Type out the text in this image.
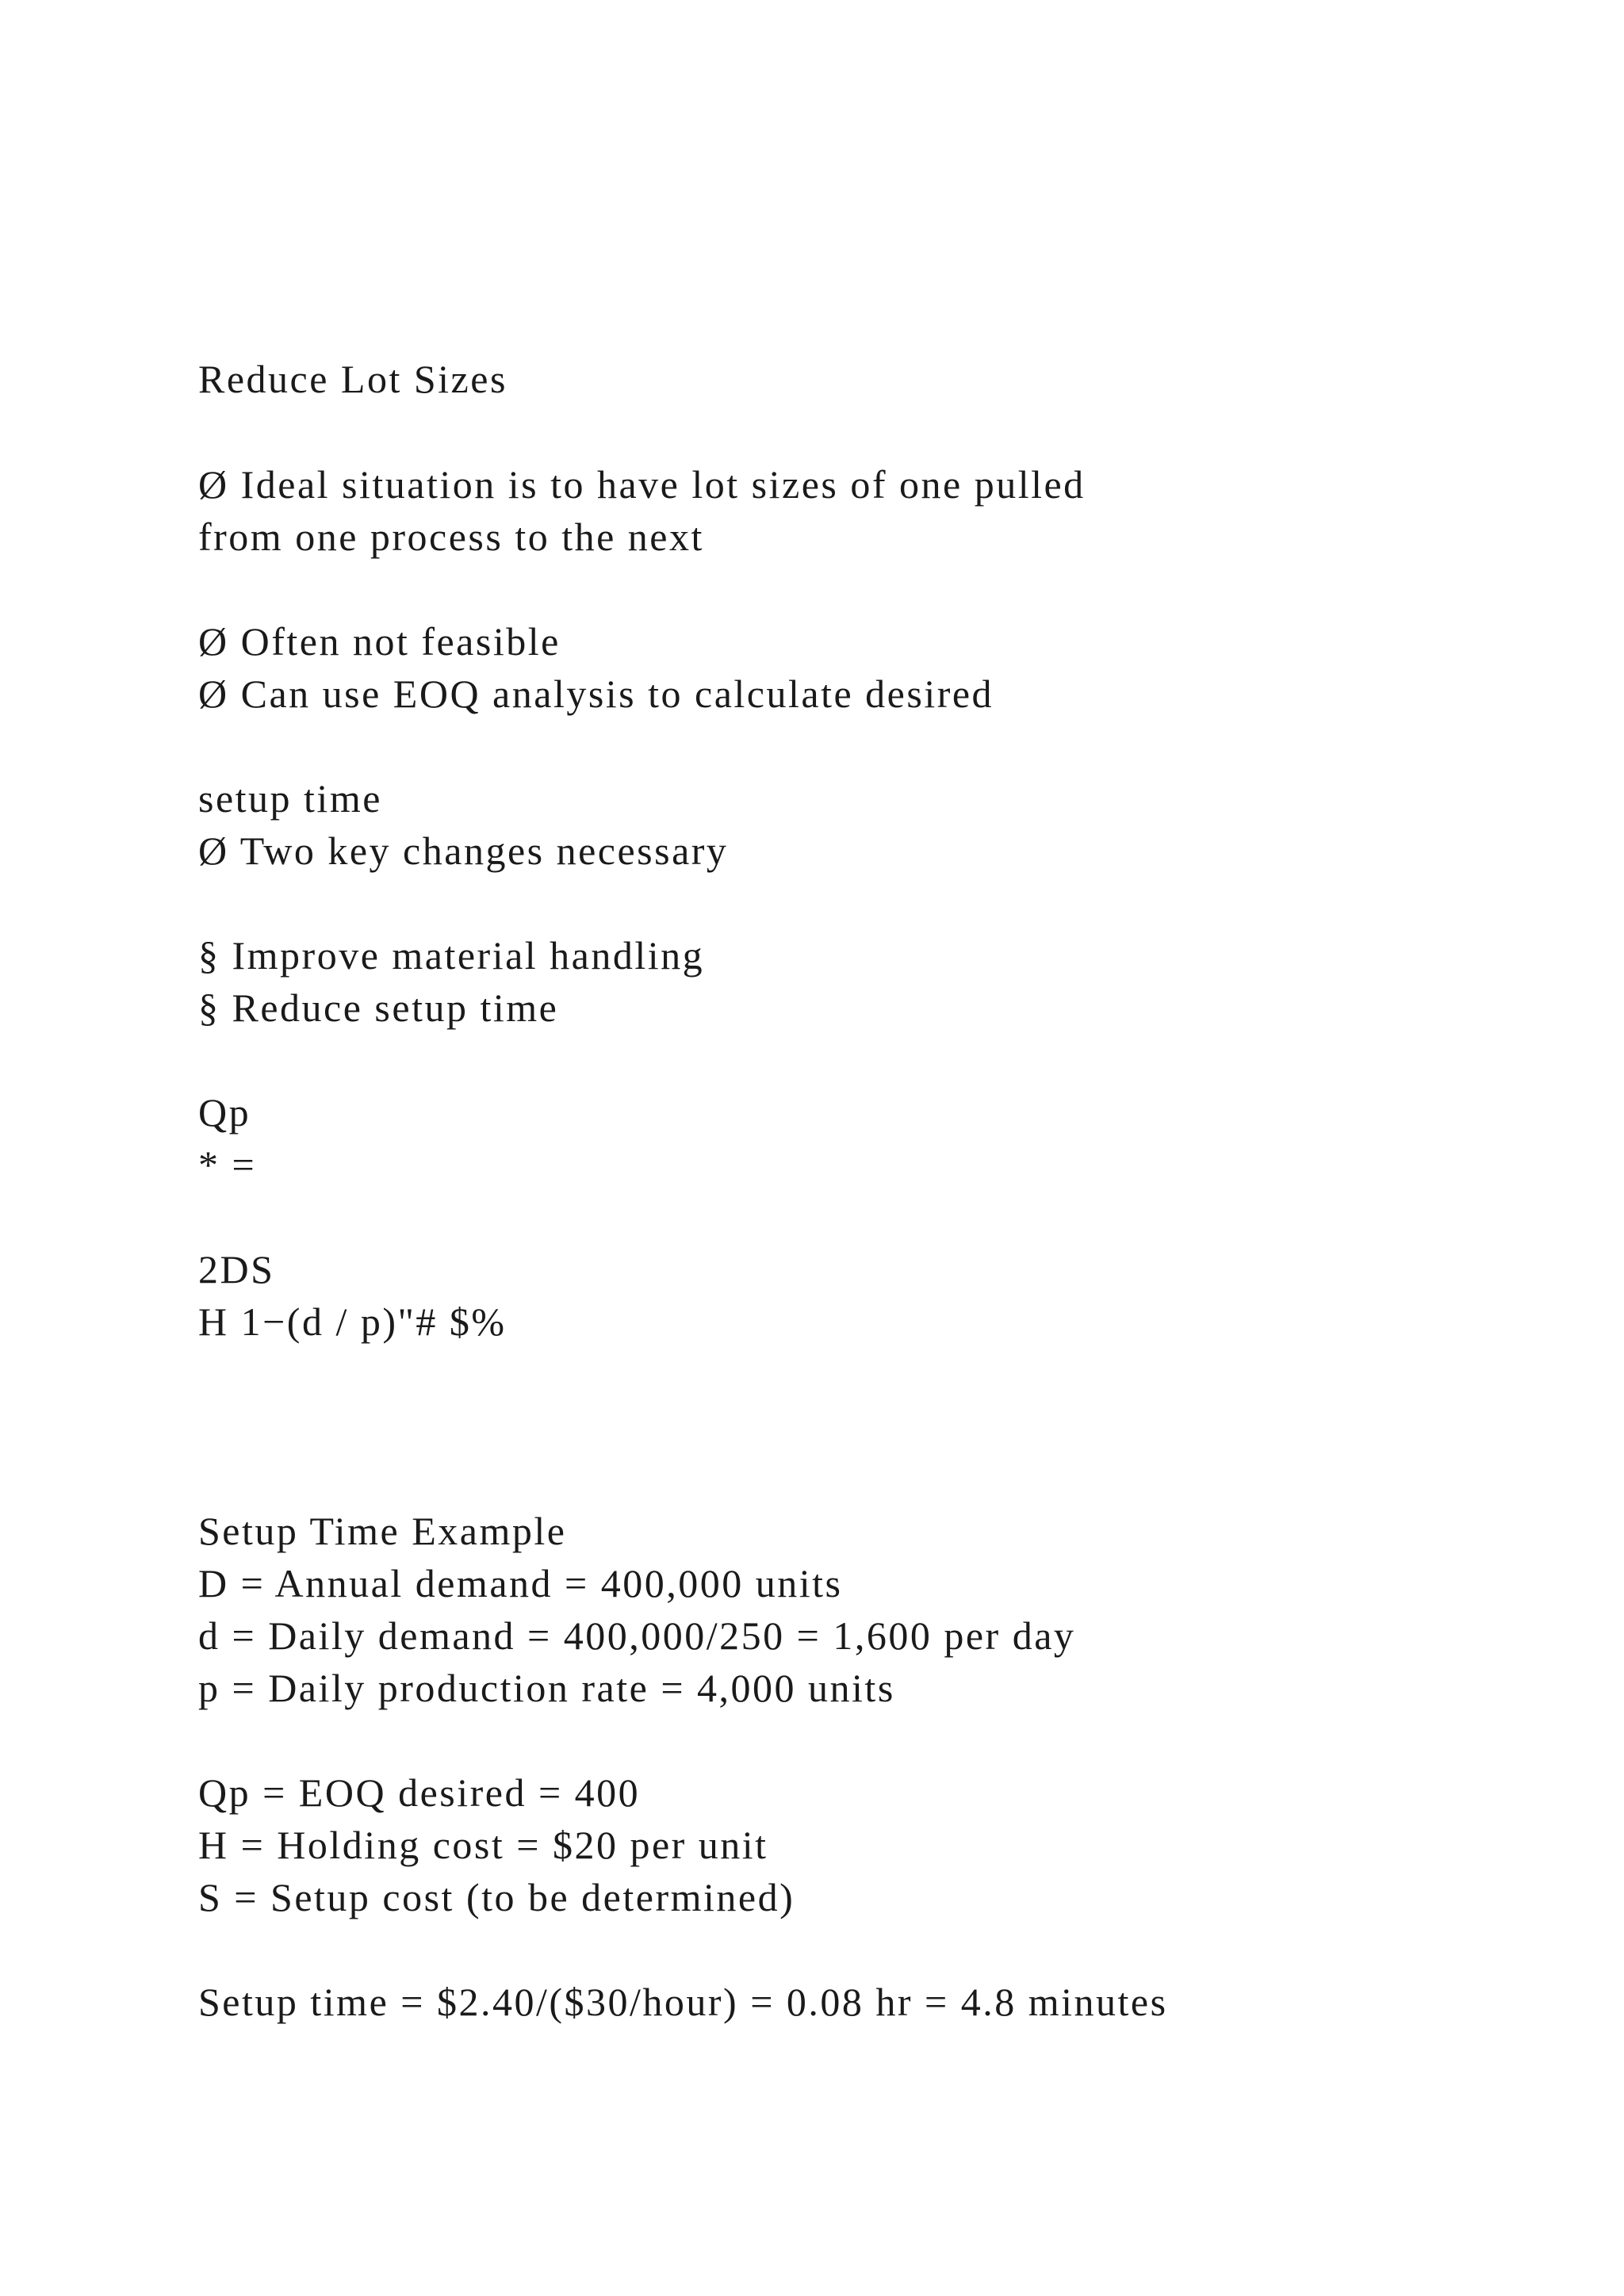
Reduce Lot Sizes

Ø Ideal situation is to have lot sizes of one pulled

from one process to the next

Ø Often not feasible

Ø Can use EOQ analysis to calculate desired

setup time

Ø Two key changes necessary

§ Improve material handling

§ Reduce setup time

Qp

* =

2DS

H 1−(d / p)"# $%

Setup Time Example

D = Annual demand = 400,000 units

d = Daily demand = 400,000/250 = 1,600 per day

p = Daily production rate = 4,000 units

Qp = EOQ desired = 400

H = Holding cost = $20 per unit

S = Setup cost (to be determined)

Setup time = $2.40/($30/hour) = 0.08 hr = 4.8 minutes
